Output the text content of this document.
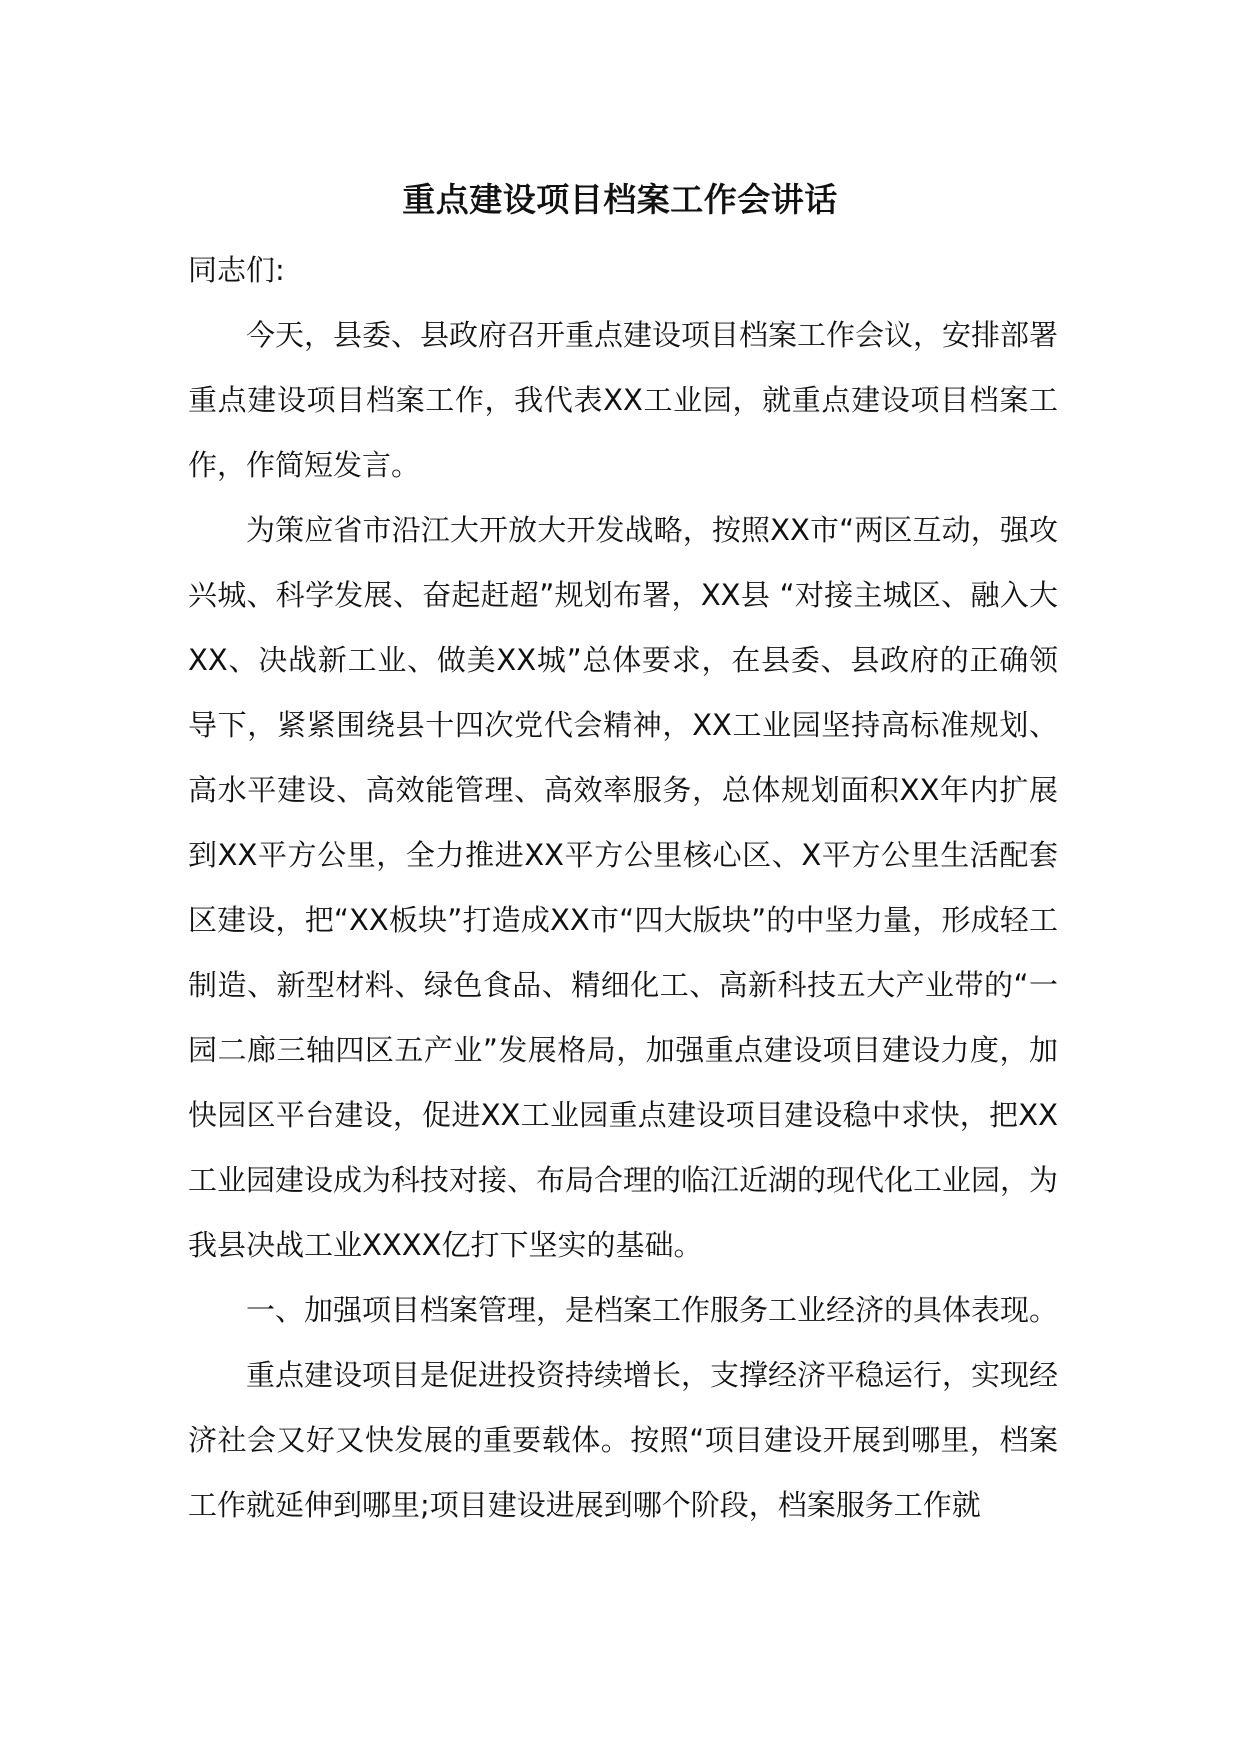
重点建设项目档案工作会讲话

同志们:

今天，县委、县政府召开重点建设项目档案工作会议，安排部署重点建设项目档案工作，我代表XX工业园，就重点建设项目档案工作，作简短发言。

为策应省市沿江大开放大开发战略，按照XX市“两区互动，强攻兴城、科学发展、奋起赶超”规划布署，XX县 “对接主城区、融入大XX、决战新工业、做美XX城”总体要求，在县委、县政府的正确领导下，紧紧围绕县十四次党代会精神，XX工业园坚持高标准规划、高水平建设、高效能管理、高效率服务，总体规划面积XX年内扩展到XX平方公里，全力推进XX平方公里核心区、X平方公里生活配套区建设，把“XX板块”打造成XX市“四大版块”的中坚力量，形成轻工制造、新型材料、绿色食品、精细化工、高新科技五大产业带的“一园二廊三轴四区五产业”发展格局，加强重点建设项目建设力度，加快园区平台建设，促进XX工业园重点建设项目建设稳中求快，把XX工业园建设成为科技对接、布局合理的临江近湖的现代化工业园，为我县决战工业XXXX亿打下坚实的基础。

一、加强项目档案管理，是档案工作服务工业经济的具体表现。

重点建设项目是促进投资持续增长，支撑经济平稳运行，实现经济社会又好又快发展的重要载体。按照“项目建设开展到哪里，档案工作就延伸到哪里;项目建设进展到哪个阶段，档案服务工作就
